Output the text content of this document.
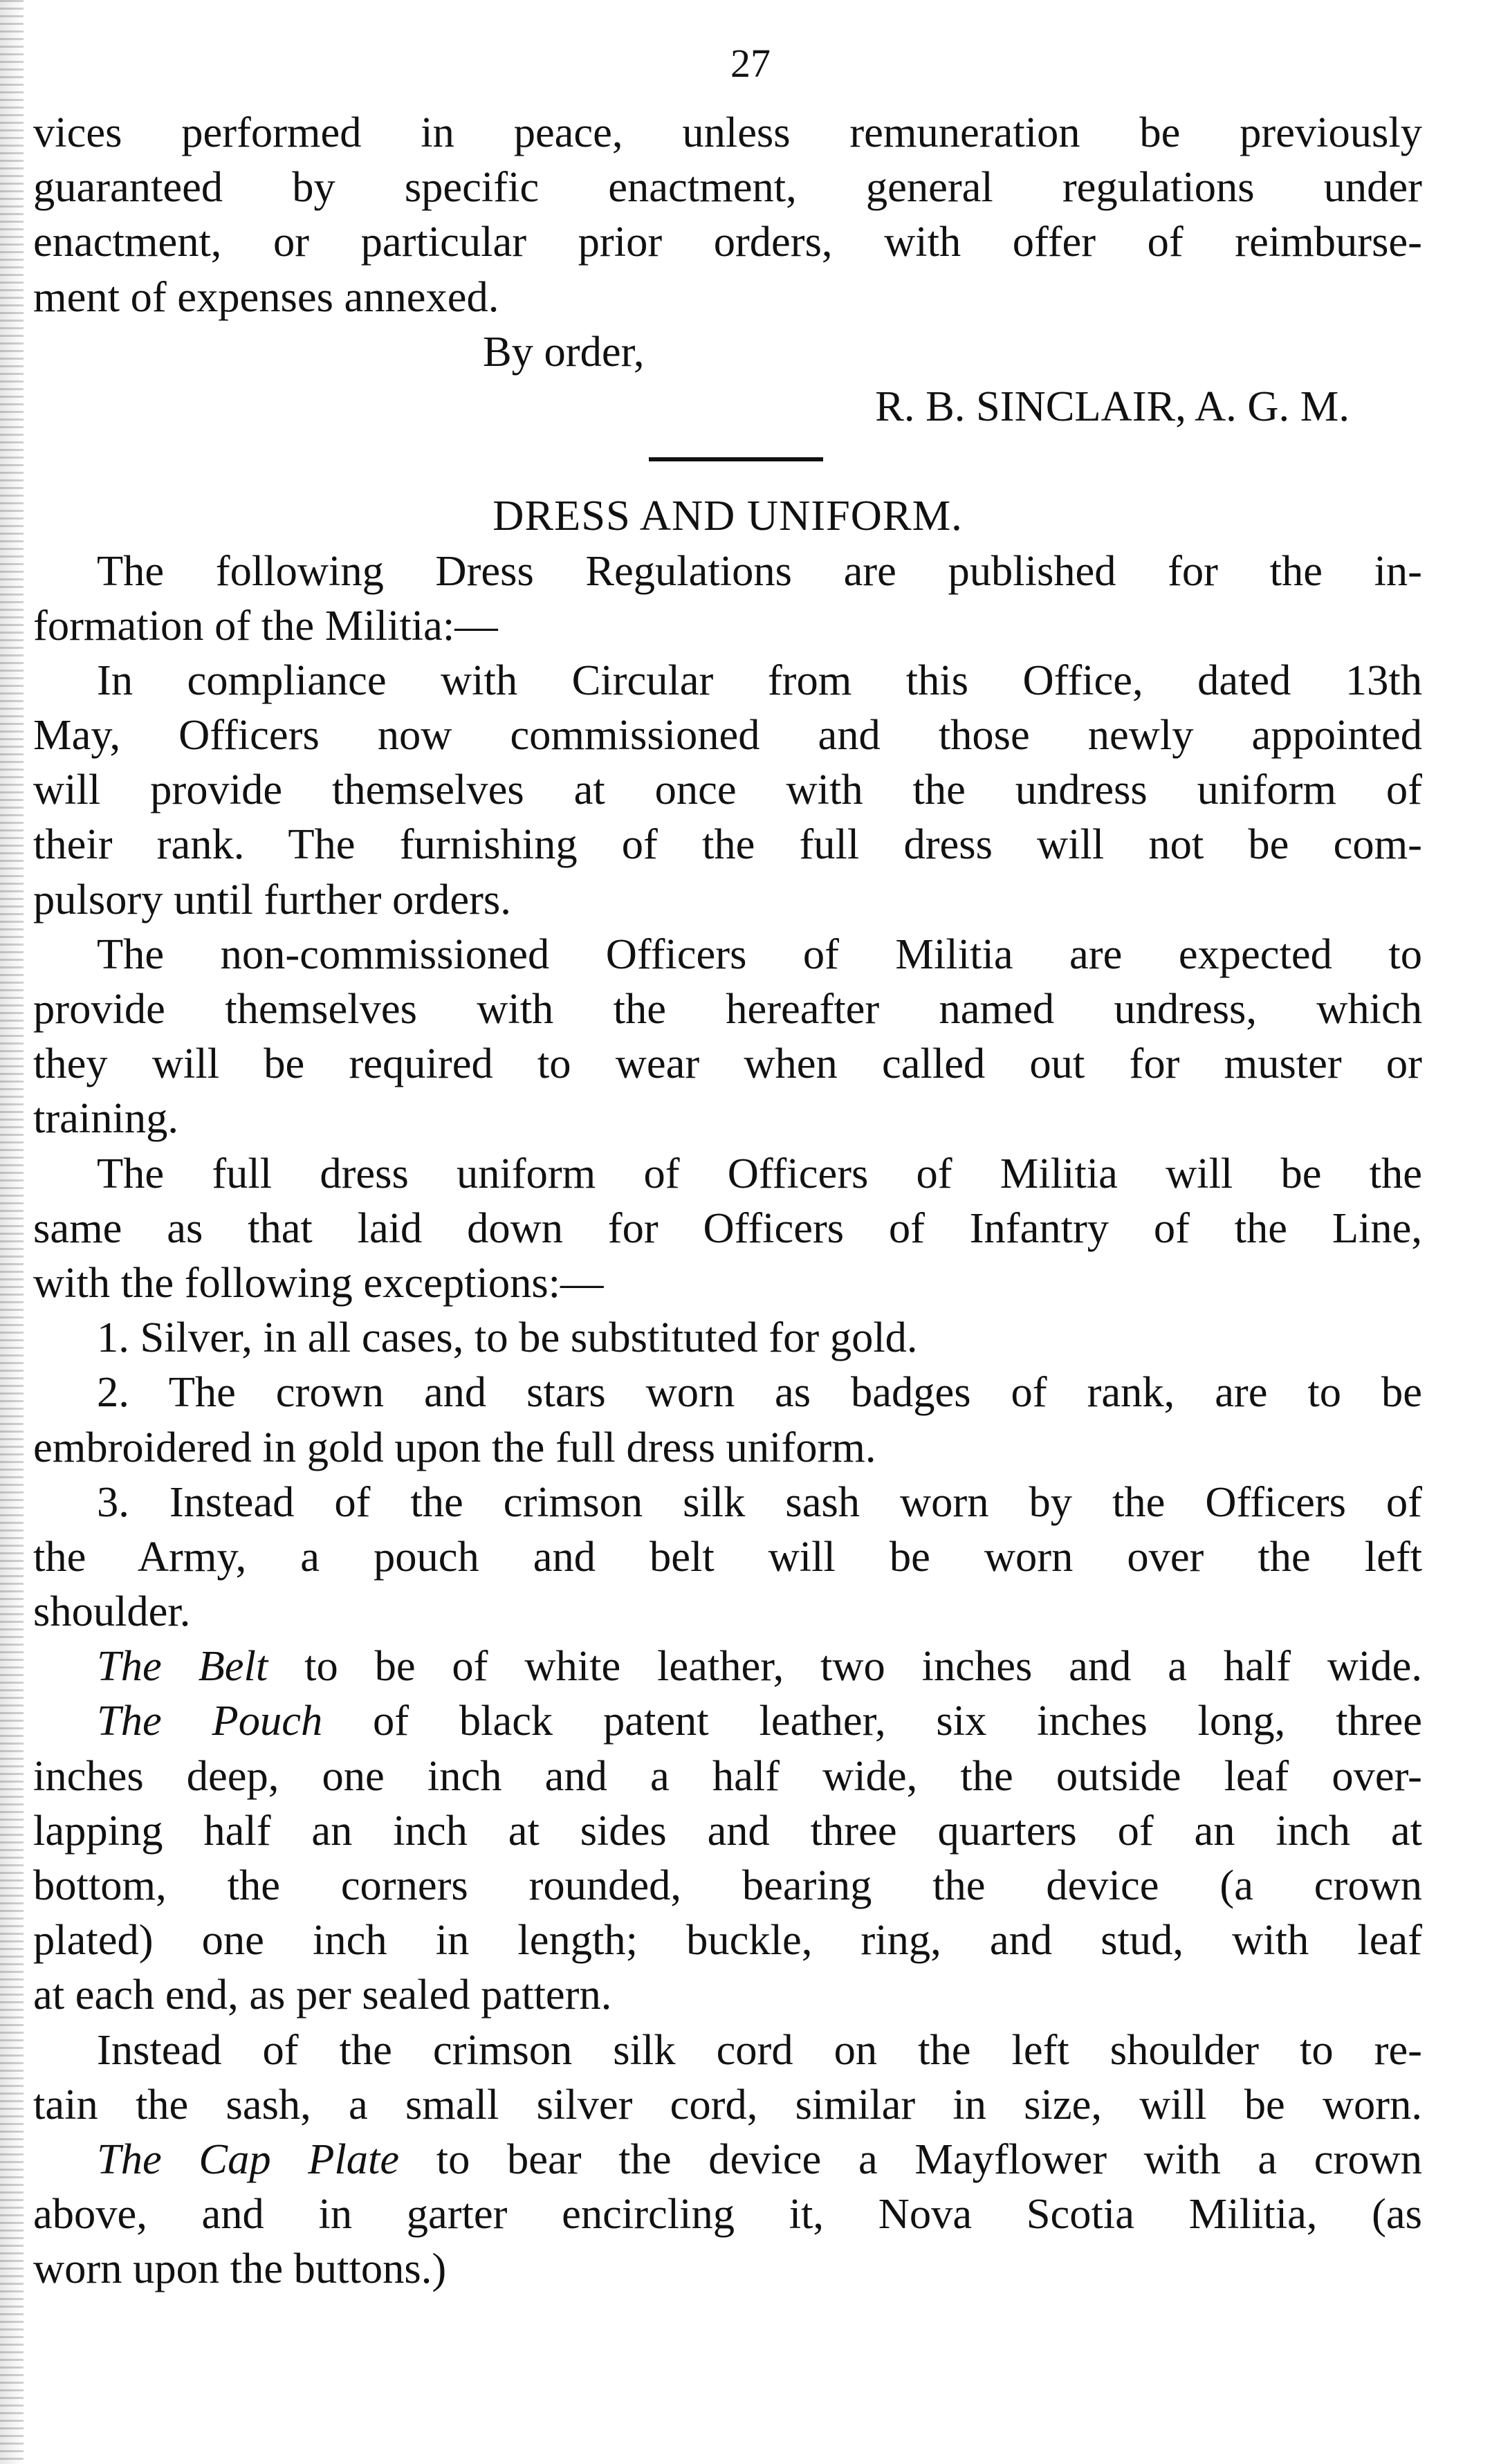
27
vices performed in peace, unless remuneration be previously
guaranteed by specific enactment, general regulations under
enactment, or particular prior orders, with offer of reimburse-
ment of expenses annexed.
By order,
R. B. SINCLAIR, A. G. M.
DRESS AND UNIFORM.
The following Dress Regulations are published for the in-
formation of the Militia:—
In compliance with Circular from this Office, dated 13th
May, Officers now commissioned and those newly appointed
will provide themselves at once with the undress uniform of
their rank. The furnishing of the full dress will not be com-
pulsory until further orders.
The non-commissioned Officers of Militia are expected to
provide themselves with the hereafter named undress, which
they will be required to wear when called out for muster or
training.
The full dress uniform of Officers of Militia will be the
same as that laid down for Officers of Infantry of the Line,
with the following exceptions:—
1. Silver, in all cases, to be substituted for gold.
2. The crown and stars worn as badges of rank, are to be
embroidered in gold upon the full dress uniform.
3. Instead of the crimson silk sash worn by the Officers of
the Army, a pouch and belt will be worn over the left
shoulder.
The Belt to be of white leather, two inches and a half wide.
The Pouch of black patent leather, six inches long, three
inches deep, one inch and a half wide, the outside leaf over-
lapping half an inch at sides and three quarters of an inch at
bottom, the corners rounded, bearing the device (a crown
plated) one inch in length; buckle, ring, and stud, with leaf
at each end, as per sealed pattern.
Instead of the crimson silk cord on the left shoulder to re-
tain the sash, a small silver cord, similar in size, will be worn.
The Cap Plate to bear the device a Mayflower with a crown
above, and in garter encircling it, Nova Scotia Militia, (as
worn upon the buttons.)
